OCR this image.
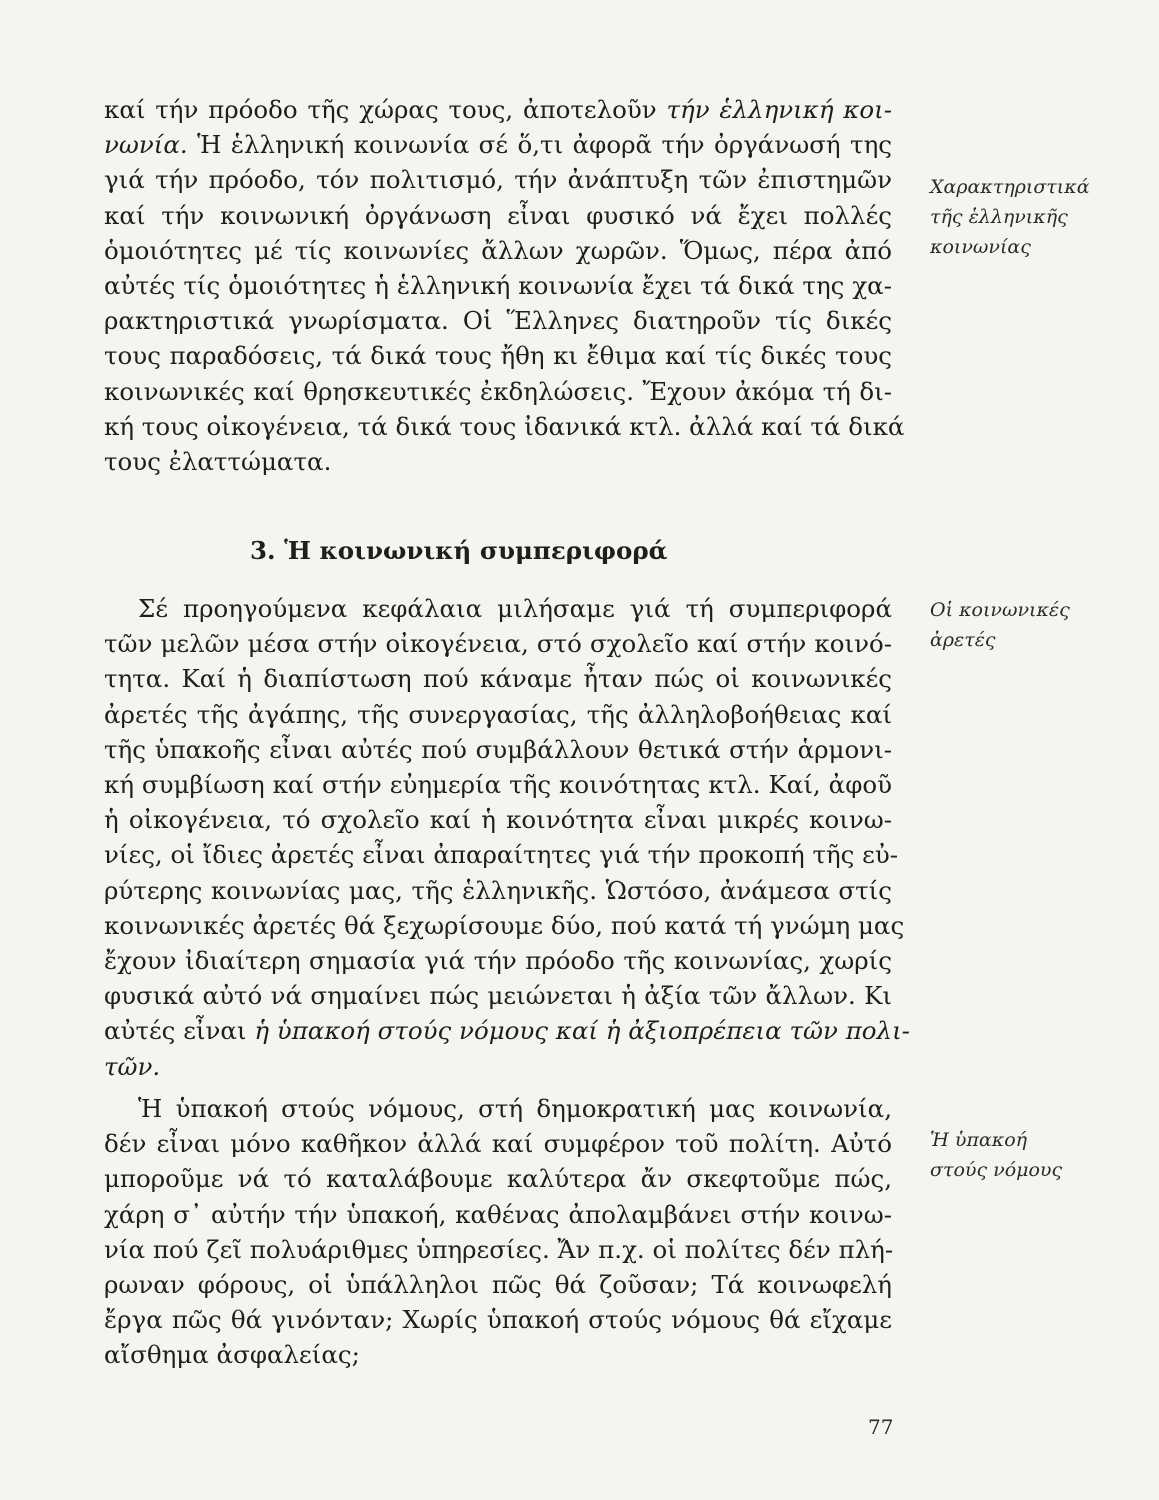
καί τήν πρόοδο τῆς χώρας τους, ἀποτελοῦν τήν ἑλληνική κοι-
νωνία. Ἡ ἑλληνική κοινωνία σέ ὅ,τι ἀφορᾶ τήν ὀργάνωσή της
γιά τήν πρόοδο, τόν πολιτισμό, τήν ἀνάπτυξη τῶν ἐπιστημῶν
καί τήν κοινωνική ὀργάνωση εἶναι φυσικό νά ἔχει πολλές
ὁμοιότητες μέ τίς κοινωνίες ἄλλων χωρῶν. Ὅμως, πέρα ἀπό
αὐτές τίς ὁμοιότητες ἡ ἑλληνική κοινωνία ἔχει τά δικά της χα-
ρακτηριστικά γνωρίσματα. Οἱ Ἕλληνες διατηροῦν τίς δικές
τους παραδόσεις, τά δικά τους ἤθη κι ἔθιμα καί τίς δικές τους
κοινωνικές καί θρησκευτικές ἐκδηλώσεις. Ἔχουν ἀκόμα τή δι-
κή τους οἰκογένεια, τά δικά τους ἰδανικά κτλ. ἀλλά καί τά δικά
τους ἐλαττώματα.

3. Ἡ κοινωνική συμπεριφορά

Σέ προηγούμενα κεφάλαια μιλήσαμε γιά τή συμπεριφορά
τῶν μελῶν μέσα στήν οἰκογένεια, στό σχολεῖο καί στήν κοινό-
τητα. Καί ἡ διαπίστωση πού κάναμε ἦταν πώς οἱ κοινωνικές
ἀρετές τῆς ἀγάπης, τῆς συνεργασίας, τῆς ἀλληλοβοήθειας καί
τῆς ὑπακοῆς εἶναι αὐτές πού συμβάλλουν θετικά στήν ἁρμονι-
κή συμβίωση καί στήν εὐημερία τῆς κοινότητας κτλ. Καί, ἀφοῦ
ἡ οἰκογένεια, τό σχολεῖο καί ἡ κοινότητα εἶναι μικρές κοινω-
νίες, οἱ ἴδιες ἀρετές εἶναι ἀπαραίτητες γιά τήν προκοπή τῆς εὐ-
ρύτερης κοινωνίας μας, τῆς ἑλληνικῆς. Ὡστόσο, ἀνάμεσα στίς
κοινωνικές ἀρετές θά ξεχωρίσουμε δύο, πού κατά τή γνώμη μας
ἔχουν ἰδιαίτερη σημασία γιά τήν πρόοδο τῆς κοινωνίας, χωρίς
φυσικά αὐτό νά σημαίνει πώς μειώνεται ἡ ἀξία τῶν ἄλλων. Κι
αὐτές εἶναι ἡ ὑπακοή στούς νόμους καί ἡ ἀξιοπρέπεια τῶν πολι-
τῶν.

Ἡ ὑπακοή στούς νόμους, στή δημοκρατική μας κοινωνία,
δέν εἶναι μόνο καθῆκον ἀλλά καί συμφέρον τοῦ πολίτη. Αὐτό
μποροῦμε νά τό καταλάβουμε καλύτερα ἄν σκεφτοῦμε πώς,
χάρη σ᾿ αὐτήν τήν ὑπακοή, καθένας ἀπολαμβάνει στήν κοινω-
νία πού ζεῖ πολυάριθμες ὑπηρεσίες. Ἄν π.χ. οἱ πολίτες δέν πλή-
ρωναν φόρους, οἱ ὑπάλληλοι πῶς θά ζοῦσαν; Τά κοινωφελή
ἔργα πῶς θά γινόνταν; Χωρίς ὑπακοή στούς νόμους θά εἴχαμε
αἴσθημα ἀσφαλείας;

Χαρακτηριστικά
τῆς ἑλληνικῆς
κοινωνίας
Οἱ κοινωνικές
ἀρετές
Ἡ ὑπακοή
στούς νόμους
77
